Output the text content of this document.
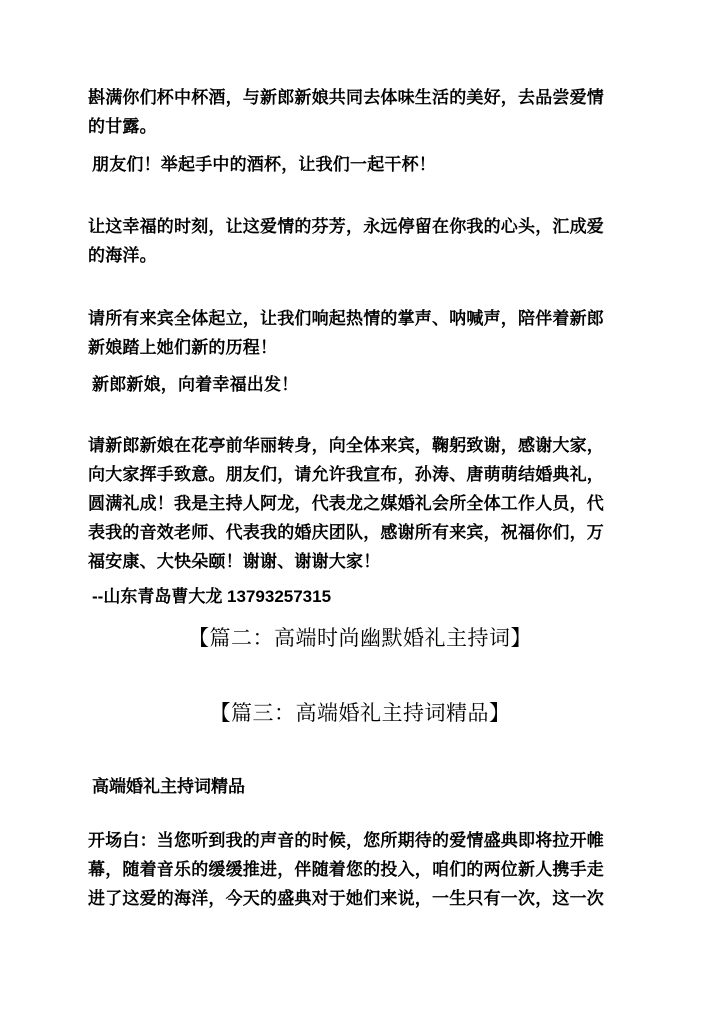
斟满你们杯中杯酒，与新郎新娘共同去体味生活的美好，去品尝爱情
的甘露。
朋友们！举起手中的酒杯，让我们一起干杯！
让这幸福的时刻，让这爱情的芬芳，永远停留在你我的心头，汇成爱
的海洋。
请所有来宾全体起立，让我们响起热情的掌声、呐喊声，陪伴着新郎
新娘踏上她们新的历程！
新郎新娘，向着幸福出发！
请新郎新娘在花亭前华丽转身，向全体来宾，鞠躬致谢，感谢大家，
向大家挥手致意。朋友们，请允许我宣布，孙涛、唐萌萌结婚典礼，
圆满礼成！我是主持人阿龙，代表龙之媒婚礼会所全体工作人员，代
表我的音效老师、代表我的婚庆团队，感谢所有来宾，祝福你们，万
福安康、大快朵颐！谢谢、谢谢大家！
--山东青岛曹大龙 13793257315
【篇二：高端时尚幽默婚礼主持词】
【篇三：高端婚礼主持词精品】
高端婚礼主持词精品
开场白：当您听到我的声音的时候，您所期待的爱情盛典即将拉开帷
幕，随着音乐的缓缓推进，伴随着您的投入，咱们的两位新人携手走
进了这爱的海洋，今天的盛典对于她们来说，一生只有一次，这一次
